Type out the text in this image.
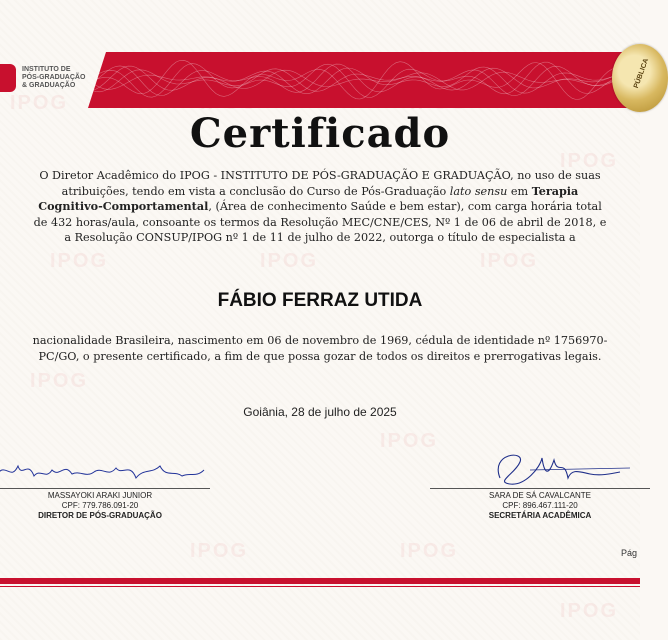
IPOG
IPOG
IPOG	IPOG	IPOG
IPOG
IPOG
IPOG	IPOG
IPOG
INSTITUTO DE
PÓS-GRADUAÇÃO
& GRADUAÇÃO	PÚBLICA
Certificado
O Diretor Acadêmico do IPOG - INSTITUTO DE PÓS-GRADUAÇÃO E GRADUAÇÃO, no uso de suas atribuições, tendo em vista a conclusão do Curso de Pós-Graduação lato sensu em Terapia Cognitivo-Comportamental, (Área de conhecimento Saúde e bem estar), com carga horária total de 432 horas/aula, consoante os termos da Resolução MEC/CNE/CES, Nº 1 de 06 de abril de 2018, e a Resolução CONSUP/IPOG nº 1 de 11 de julho de 2022, outorga o título de especialista a
FÁBIO FERRAZ UTIDA
nacionalidade Brasileira, nascimento em 06 de novembro de 1969, cédula de identidade nº 1756970-PC/GO, o presente certificado, a fim de que possa gozar de todos os direitos e prerrogativas legais.
Goiânia, 28 de julho de 2025
MASSAYOKI ARAKI JUNIOR
CPF: 779.786.091-20
DIRETOR DE PÓS-GRADUAÇÃO
SARA DE SÁ CAVALCANTE
CPF: 896.467.111-20
SECRETÁRIA ACADÊMICA
Pág
